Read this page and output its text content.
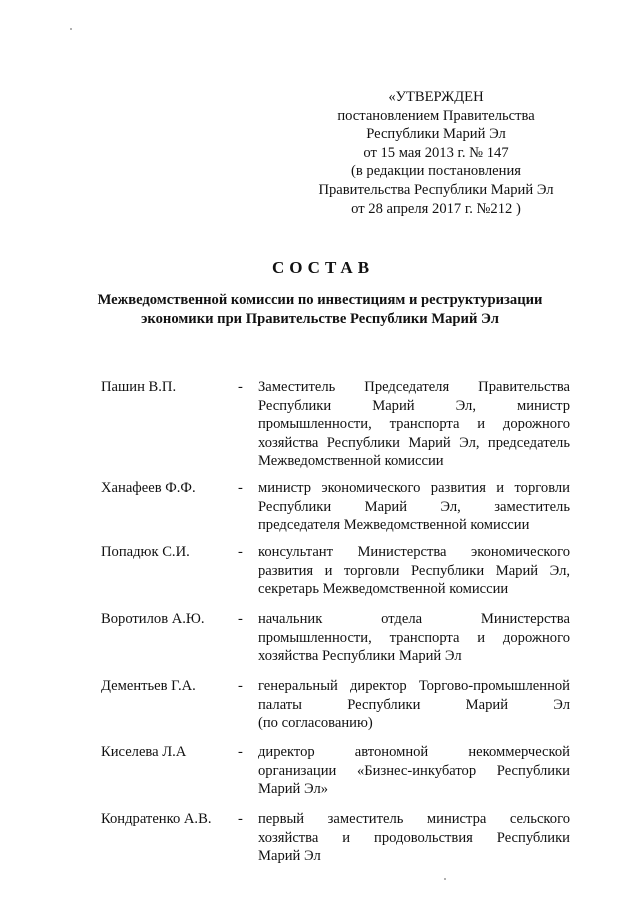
«УТВЕРЖДЕН
постановлением Правительства
Республики Марий Эл
от 15 мая 2013 г. № 147
(в редакции постановления
Правительства Республики Марий Эл
от 28 апреля 2017 г. №212 )
СОСТАВ
Межведомственной комиссии по инвестициям и реструктуризации
экономики при Правительстве Республики Марий Эл
Пашин В.П.	- Заместитель Председателя Правительства
Республики Марий Эл, министр
промышленности, транспорта и дорожного
хозяйства Республики Марий Эл, председатель
Межведомственной комиссии
Ханафеев Ф.Ф.	- министр экономического развития и торговли
Республики Марий Эл, заместитель
председателя Межведомственной комиссии
Попадюк С.И.	- консультант Министерства экономического
развития и торговли Республики Марий Эл,
секретарь Межведомственной комиссии
Воротилов А.Ю. - начальник отдела Министерства
промышленности, транспорта и дорожного
хозяйства Республики Марий Эл
Дементьев Г.А.	- генеральный директор Торгово-промышленной
палаты Республики Марий Эл
(по согласованию)
Киселева Л.А	- директор автономной некоммерческой
организации «Бизнес-инкубатор Республики
Марий Эл»
Кондратенко А.В. - первый заместитель министра сельского
хозяйства и продовольствия Республики
Марий Эл
